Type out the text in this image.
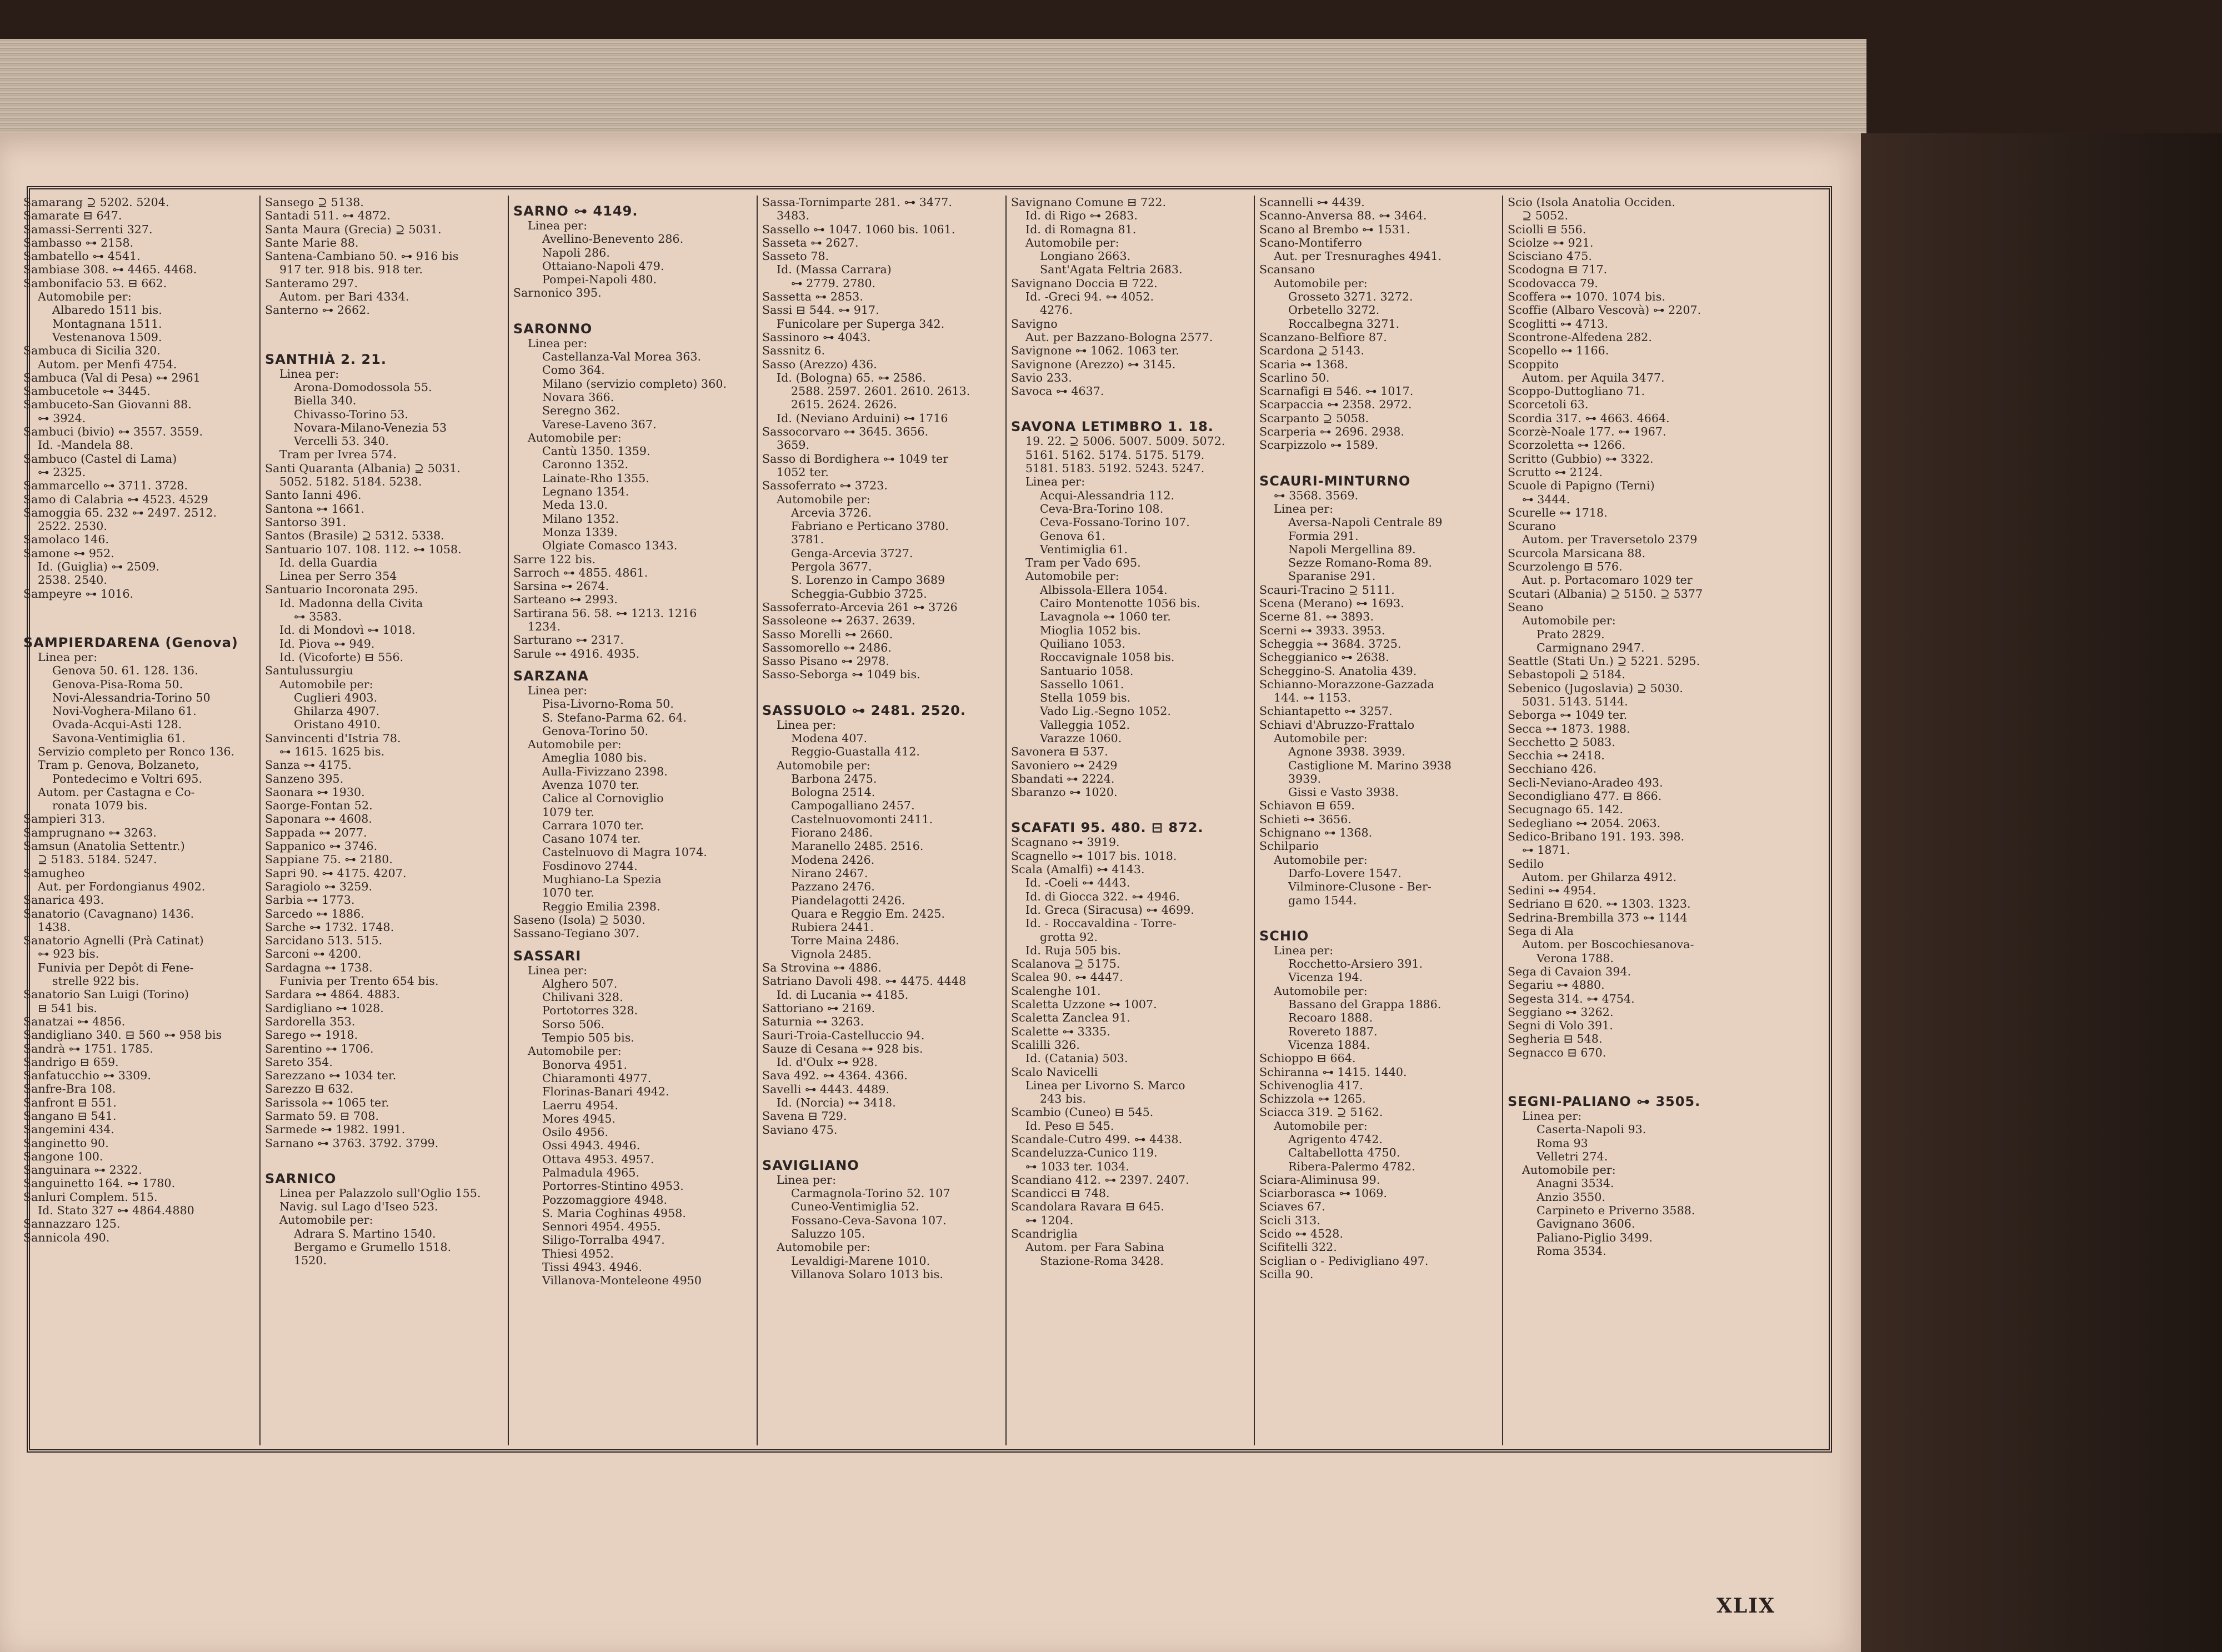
Samarang ⊇ 5202. 5204.
Samarate ⊟ 647.
Samassi-Serrenti 327.
Sambasso ⊶ 2158.
Sambatello ⊶ 4541.
Sambiase 308. ⊶ 4465. 4468.
Sambonifacio 53. ⊟ 662.
Automobile per:
Albaredo 1511 bis.
Montagnana 1511.
Vestenanova 1509.
Sambuca di Sicilia 320.
Autom. per Menfi 4754.
Sambuca (Val di Pesa) ⊶ 2961
Sambucetole ⊶ 3445.
Sambuceto-San Giovanni 88.
⊶ 3924.
Sambuci (bivio) ⊶ 3557. 3559.
Id. -Mandela 88.
Sambuco (Castel di Lama)
⊶ 2325.
Sammarcello ⊶ 3711. 3728.
Samo di Calabria ⊶ 4523. 4529
Samoggia 65. 232 ⊶ 2497. 2512.
2522. 2530.
Samolaco 146.
Samone ⊶ 952.
Id. (Guiglia) ⊶ 2509.
2538. 2540.
Sampeyre ⊶ 1016.
SAMPIERDARENA (Genova)
Linea per:
Genova 50. 61. 128. 136.
Genova-Pisa-Roma 50.
Novi-Alessandria-Torino 50
Novi-Voghera-Milano 61.
Ovada-Acqui-Asti 128.
Savona-Ventimiglia 61.
Servizio completo per Ronco 136.
Tram p. Genova, Bolzaneto,
Pontedecimo e Voltri 695.
Autom. per Castagna e Co-
ronata 1079 bis.
Sampieri 313.
Samprugnano ⊶ 3263.
Samsun (Anatolia Settentr.)
⊇ 5183. 5184. 5247.
Samugheo
Aut. per Fordongianus 4902.
Sanarica 493.
Sanatorio (Cavagnano) 1436.
1438.
Sanatorio Agnelli (Prà Catinat)
⊶ 923 bis.
Funivia per Depôt di Fene-
strelle 922 bis.
Sanatorio San Luigi (Torino)
⊟ 541 bis.
Sanatzai ⊶ 4856.
Sandigliano 340. ⊟ 560 ⊶ 958 bis
Sandrà ⊶ 1751. 1785.
Sandrigo ⊟ 659.
Sanfatucchio ⊶ 3309.
Sanfre-Bra 108.
Sanfront ⊟ 551.
Sangano ⊟ 541.
Sangemini 434.
Sanginetto 90.
Sangone 100.
Sanguinara ⊶ 2322.
Sanguinetto 164. ⊶ 1780.
Sanluri Complem. 515.
Id. Stato 327 ⊶ 4864.4880
Sannazzaro 125.
Sannicola 490.
Sansego ⊇ 5138.
Santadi 511. ⊶ 4872.
Santa Maura (Grecia) ⊇ 5031.
Sante Marie 88.
Santena-Cambiano 50. ⊶ 916 bis
917 ter. 918 bis. 918 ter.
Santeramo 297.
Autom. per Bari 4334.
Santerno ⊶ 2662.
SANTHIÀ 2. 21.
Linea per:
Arona-Domodossola 55.
Biella 340.
Chivasso-Torino 53.
Novara-Milano-Venezia 53
Vercelli 53. 340.
Tram per Ivrea 574.
Santi Quaranta (Albania) ⊇ 5031.
5052. 5182. 5184. 5238.
Santo Ianni 496.
Santona ⊶ 1661.
Santorso 391.
Santos (Brasile) ⊇ 5312. 5338.
Santuario 107. 108. 112. ⊶ 1058.
Id. della Guardia
Linea per Serro 354
Santuario Incoronata 295.
Id. Madonna della Civita
⊶ 3583.
Id. di Mondovì ⊶ 1018.
Id. Piova ⊶ 949.
Id. (Vicoforte) ⊟ 556.
Santulussurgiu
Automobile per:
Cuglieri 4903.
Ghilarza 4907.
Oristano 4910.
Sanvincenti d'Istria 78.
⊶ 1615. 1625 bis.
Sanza ⊶ 4175.
Sanzeno 395.
Saonara ⊶ 1930.
Saorge-Fontan 52.
Saponara ⊶ 4608.
Sappada ⊶ 2077.
Sappanico ⊶ 3746.
Sappiane 75. ⊶ 2180.
Sapri 90. ⊶ 4175. 4207.
Saragiolo ⊶ 3259.
Sarbia ⊶ 1773.
Sarcedo ⊶ 1886.
Sarche ⊶ 1732. 1748.
Sarcidano 513. 515.
Sarconi ⊶ 4200.
Sardagna ⊶ 1738.
Funivia per Trento 654 bis.
Sardara ⊶ 4864. 4883.
Sardigliano ⊶ 1028.
Sardorella 353.
Sarego ⊶ 1918.
Sarentino ⊶ 1706.
Sareto 354.
Sarezzano ⊶ 1034 ter.
Sarezzo ⊟ 632.
Sarissola ⊶ 1065 ter.
Sarmato 59. ⊟ 708.
Sarmede ⊶ 1982. 1991.
Sarnano ⊶ 3763. 3792. 3799.
SARNICO
Linea per Palazzolo sull'Oglio 155.
Navig. sul Lago d'Iseo 523.
Automobile per:
Adrara S. Martino 1540.
Bergamo e Grumello 1518.
1520.
SARNO ⊶ 4149.
Linea per:
Avellino-Benevento 286.
Napoli 286.
Ottaiano-Napoli 479.
Pompei-Napoli 480.
Sarnonico 395.
SARONNO
Linea per:
Castellanza-Val Morea 363.
Como 364.
Milano (servizio completo) 360.
Novara 366.
Seregno 362.
Varese-Laveno 367.
Automobile per:
Cantù 1350. 1359.
Caronno 1352.
Lainate-Rho 1355.
Legnano 1354.
Meda 13.0.
Milano 1352.
Monza 1339.
Olgiate Comasco 1343.
Sarre 122 bis.
Sarroch ⊶ 4855. 4861.
Sarsina ⊶ 2674.
Sarteano ⊶ 2993.
Sartirana 56. 58. ⊶ 1213. 1216
1234.
Sarturano ⊶ 2317.
Sarule ⊶ 4916. 4935.
SARZANA
Linea per:
Pisa-Livorno-Roma 50.
S. Stefano-Parma 62. 64.
Genova-Torino 50.
Automobile per:
Ameglia 1080 bis.
Aulla-Fivizzano 2398.
Avenza 1070 ter.
Calice al Cornoviglio
1079 ter.
Carrara 1070 ter.
Casano 1074 ter.
Castelnuovo di Magra 1074.
Fosdinovo 2744.
Mughiano-La Spezia
1070 ter.
Reggio Emilia 2398.
Saseno (Isola) ⊇ 5030.
Sassano-Tegiano 307.
SASSARI
Linea per:
Alghero 507.
Chilivani 328.
Portotorres 328.
Sorso 506.
Tempio 505 bis.
Automobile per:
Bonorva 4951.
Chiaramonti 4977.
Florinas-Banari 4942.
Laerru 4954.
Mores 4945.
Osilo 4956.
Ossi 4943. 4946.
Ottava 4953. 4957.
Palmadula 4965.
Portorres-Stintino 4953.
Pozzomaggiore 4948.
S. Maria Coghinas 4958.
Sennori 4954. 4955.
Siligo-Torralba 4947.
Thiesi 4952.
Tissi 4943. 4946.
Villanova-Monteleone 4950
Sassa-Tornimparte 281. ⊶ 3477.
3483.
Sassello ⊶ 1047. 1060 bis. 1061.
Sasseta ⊶ 2627.
Sasseto 78.
Id. (Massa Carrara)
⊶ 2779. 2780.
Sassetta ⊶ 2853.
Sassi ⊟ 544. ⊶ 917.
Funicolare per Superga 342.
Sassinoro ⊶ 4043.
Sassnitz 6.
Sasso (Arezzo) 436.
Id. (Bologna) 65. ⊶ 2586.
2588. 2597. 2601. 2610. 2613.
2615. 2624. 2626.
Id. (Neviano Arduini) ⊶ 1716
Sassocorvaro ⊶ 3645. 3656.
3659.
Sasso di Bordighera ⊶ 1049 ter
1052 ter.
Sassoferrato ⊶ 3723.
Automobile per:
Arcevia 3726.
Fabriano e Perticano 3780.
3781.
Genga-Arcevia 3727.
Pergola 3677.
S. Lorenzo in Campo 3689
Scheggia-Gubbio 3725.
Sassoferrato-Arcevia 261 ⊶ 3726
Sassoleone ⊶ 2637. 2639.
Sasso Morelli ⊶ 2660.
Sassomorello ⊶ 2486.
Sasso Pisano ⊶ 2978.
Sasso-Seborga ⊶ 1049 bis.
SASSUOLO ⊶ 2481. 2520.
Linea per:
Modena 407.
Reggio-Guastalla 412.
Automobile per:
Barbona 2475.
Bologna 2514.
Campogalliano 2457.
Castelnuovomonti 2411.
Fiorano 2486.
Maranello 2485. 2516.
Modena 2426.
Nirano 2467.
Pazzano 2476.
Piandelagotti 2426.
Quara e Reggio Em. 2425.
Rubiera 2441.
Torre Maina 2486.
Vignola 2485.
Sa Strovina ⊶ 4886.
Satriano Davoli 498. ⊶ 4475. 4448
Id. di Lucania ⊶ 4185.
Sattoriano ⊶ 2169.
Saturnia ⊶ 3263.
Sauri-Troia-Castelluccio 94.
Sauze di Cesana ⊶ 928 bis.
Id. d'Oulx ⊶ 928.
Sava 492. ⊶ 4364. 4366.
Savelli ⊶ 4443. 4489.
Id. (Norcia) ⊶ 3418.
Savena ⊟ 729.
Saviano 475.
SAVIGLIANO
Linea per:
Carmagnola-Torino 52. 107
Cuneo-Ventimiglia 52.
Fossano-Ceva-Savona 107.
Saluzzo 105.
Automobile per:
Levaldigi-Marene 1010.
Villanova Solaro 1013 bis.
Savignano Comune ⊟ 722.
Id. di Rigo ⊶ 2683.
Id. di Romagna 81.
Automobile per:
Longiano 2663.
Sant'Agata Feltria 2683.
Savignano Doccia ⊟ 722.
Id. -Greci 94. ⊶ 4052.
4276.
Savigno
Aut. per Bazzano-Bologna 2577.
Savignone ⊶ 1062. 1063 ter.
Savignone (Arezzo) ⊶ 3145.
Savio 233.
Savoca ⊶ 4637.
SAVONA LETIMBRO 1. 18.
19. 22. ⊇ 5006. 5007. 5009. 5072.
5161. 5162. 5174. 5175. 5179.
5181. 5183. 5192. 5243. 5247.
Linea per:
Acqui-Alessandria 112.
Ceva-Bra-Torino 108.
Ceva-Fossano-Torino 107.
Genova 61.
Ventimiglia 61.
Tram per Vado 695.
Automobile per:
Albissola-Ellera 1054.
Cairo Montenotte 1056 bis.
Lavagnola ⊶ 1060 ter.
Mioglia 1052 bis.
Quiliano 1053.
Roccavignale 1058 bis.
Santuario 1058.
Sassello 1061.
Stella 1059 bis.
Vado Lig.-Segno 1052.
Valleggia 1052.
Varazze 1060.
Savonera ⊟ 537.
Savoniero ⊶ 2429
Sbandati ⊶ 2224.
Sbaranzo ⊶ 1020.
SCAFATI 95. 480. ⊟ 872.
Scagnano ⊶ 3919.
Scagnello ⊶ 1017 bis. 1018.
Scala (Amalfi) ⊶ 4143.
Id. -Coeli ⊶ 4443.
Id. di Giocca 322. ⊶ 4946.
Id. Greca (Siracusa) ⊶ 4699.
Id. - Roccavaldina - Torre-
grotta 92.
Id. Ruja 505 bis.
Scalanova ⊇ 5175.
Scalea 90. ⊶ 4447.
Scalenghe 101.
Scaletta Uzzone ⊶ 1007.
Scaletta Zanclea 91.
Scalette ⊶ 3335.
Scalilli 326.
Id. (Catania) 503.
Scalo Navicelli
Linea per Livorno S. Marco
243 bis.
Scambio (Cuneo) ⊟ 545.
Id. Peso ⊟ 545.
Scandale-Cutro 499. ⊶ 4438.
Scandeluzza-Cunico 119.
⊶ 1033 ter. 1034.
Scandiano 412. ⊶ 2397. 2407.
Scandicci ⊟ 748.
Scandolara Ravara ⊟ 645.
⊶ 1204.
Scandriglia
Autom. per Fara Sabina
Stazione-Roma 3428.
Scannelli ⊶ 4439.
Scanno-Anversa 88. ⊶ 3464.
Scano al Brembo ⊶ 1531.
Scano-Montiferro
Aut. per Tresnuraghes 4941.
Scansano
Automobile per:
Grosseto 3271. 3272.
Orbetello 3272.
Roccalbegna 3271.
Scanzano-Belfiore 87.
Scardona ⊇ 5143.
Scaria ⊶ 1368.
Scarlino 50.
Scarnafigi ⊟ 546. ⊶ 1017.
Scarpaccia ⊶ 2358. 2972.
Scarpanto ⊇ 5058.
Scarperia ⊶ 2696. 2938.
Scarpizzolo ⊶ 1589.
SCAURI-MINTURNO
⊶ 3568. 3569.
Linea per:
Aversa-Napoli Centrale 89
Formia 291.
Napoli Mergellina 89.
Sezze Romano-Roma 89.
Sparanise 291.
Scauri-Tracino ⊇ 5111.
Scena (Merano) ⊶ 1693.
Scerne 81. ⊶ 3893.
Scerni ⊶ 3933. 3953.
Scheggia ⊶ 3684. 3725.
Scheggianico ⊶ 2638.
Scheggino-S. Anatolia 439.
Schianno-Morazzone-Gazzada
144. ⊶ 1153.
Schiantapetto ⊶ 3257.
Schiavi d'Abruzzo-Frattalo
Automobile per:
Agnone 3938. 3939.
Castiglione M. Marino 3938
3939.
Gissi e Vasto 3938.
Schiavon ⊟ 659.
Schieti ⊶ 3656.
Schignano ⊶ 1368.
Schilpario
Automobile per:
Darfo-Lovere 1547.
Vilminore-Clusone - Ber-
gamo 1544.
SCHIO
Linea per:
Rocchetto-Arsiero 391.
Vicenza 194.
Automobile per:
Bassano del Grappa 1886.
Recoaro 1888.
Rovereto 1887.
Vicenza 1884.
Schioppo ⊟ 664.
Schiranna ⊶ 1415. 1440.
Schivenoglia 417.
Schizzola ⊶ 1265.
Sciacca 319. ⊇ 5162.
Automobile per:
Agrigento 4742.
Caltabellotta 4750.
Ribera-Palermo 4782.
Sciara-Aliminusa 99.
Sciarborasca ⊶ 1069.
Sciaves 67.
Scicli 313.
Scido ⊶ 4528.
Scifitelli 322.
Sciglian o - Pedivigliano 497.
Scilla 90.
Scio (Isola Anatolia Occiden.
⊇ 5052.
Sciolli ⊟ 556.
Sciolze ⊶ 921.
Scisciano 475.
Scodogna ⊟ 717.
Scodovacca 79.
Scoffera ⊶ 1070. 1074 bis.
Scoffie (Albaro Vescovà) ⊶ 2207.
Scoglitti ⊶ 4713.
Scontrone-Alfedena 282.
Scopello ⊶ 1166.
Scoppito
Autom. per Aquila 3477.
Scoppo-Duttogliano 71.
Scorcetoli 63.
Scordia 317. ⊶ 4663. 4664.
Scorzè-Noale 177. ⊶ 1967.
Scorzoletta ⊶ 1266.
Scritto (Gubbio) ⊶ 3322.
Scrutto ⊶ 2124.
Scuole di Papigno (Terni)
⊶ 3444.
Scurelle ⊶ 1718.
Scurano
Autom. per Traversetolo 2379
Scurcola Marsicana 88.
Scurzolengo ⊟ 576.
Aut. p. Portacomaro 1029 ter
Scutari (Albania) ⊇ 5150. ⊇ 5377
Seano
Automobile per:
Prato 2829.
Carmignano 2947.
Seattle (Stati Un.) ⊇ 5221. 5295.
Sebastopoli ⊇ 5184.
Sebenico (Jugoslavia) ⊇ 5030.
5031. 5143. 5144.
Seborga ⊶ 1049 ter.
Secca ⊶ 1873. 1988.
Secchetto ⊇ 5083.
Secchia ⊶ 2418.
Secchiano 426.
Secli-Neviano-Aradeo 493.
Secondigliano 477. ⊟ 866.
Secugnago 65. 142.
Sedegliano ⊶ 2054. 2063.
Sedico-Bribano 191. 193. 398.
⊶ 1871.
Sedilo
Autom. per Ghilarza 4912.
Sedini ⊶ 4954.
Sedriano ⊟ 620. ⊶ 1303. 1323.
Sedrina-Brembilla 373 ⊶ 1144
Sega di Ala
Autom. per Boscochiesanova-
Verona 1788.
Sega di Cavaion 394.
Segariu ⊶ 4880.
Segesta 314. ⊶ 4754.
Seggiano ⊶ 3262.
Segni di Volo 391.
Segheria ⊟ 548.
Segnacco ⊟ 670.
SEGNI-PALIANO ⊶ 3505.
Linea per:
Caserta-Napoli 93.
Roma 93
Velletri 274.
Automobile per:
Anagni 3534.
Anzio 3550.
Carpineto e Priverno 3588.
Gavignano 3606.
Paliano-Piglio 3499.
Roma 3534.
XLIX
